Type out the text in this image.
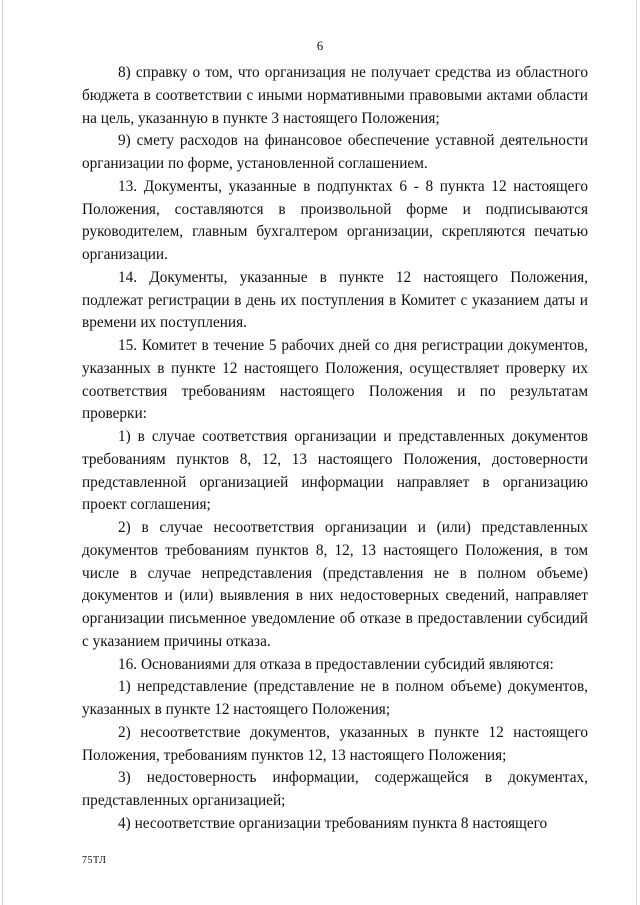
6

8) справку о том, что организация не получает средства из областного бюджета в соответствии с иными нормативными правовыми актами области на цель, указанную в пункте 3 настоящего Положения;

9) смету расходов на финансовое обеспечение уставной деятельности организации по форме, установленной соглашением.

13. Документы, указанные в подпунктах 6 - 8 пункта 12 настоящего Положения, составляются в произвольной форме и подписываются руководителем, главным бухгалтером организации, скрепляются печатью организации.

14. Документы, указанные в пункте 12 настоящего Положения, подлежат регистрации в день их поступления в Комитет с указанием даты и времени их поступления.

15. Комитет в течение 5 рабочих дней со дня регистрации документов, указанных в пункте 12 настоящего Положения, осуществляет проверку их соответствия требованиям настоящего Положения и по результатам проверки:

1) в случае соответствия организации и представленных документов требованиям пунктов 8, 12, 13 настоящего Положения, достоверности представленной организацией информации направляет в организацию проект соглашения;

2) в случае несоответствия организации и (или) представленных документов требованиям пунктов 8, 12, 13 настоящего Положения, в том числе в случае непредставления (представления не в полном объеме) документов и (или) выявления в них недостоверных сведений, направляет организации письменное уведомление об отказе в предоставлении субсидий с указанием причины отказа.

16. Основаниями для отказа в предоставлении субсидий являются:

1) непредставление (представление не в полном объеме) документов, указанных в пункте 12 настоящего Положения;

2) несоответствие документов, указанных в пункте 12 настоящего Положения, требованиям пунктов 12, 13 настоящего Положения;

3) недостоверность информации, содержащейся в документах, представленных организацией;

4) несоответствие организации требованиям пункта 8 настоящего

75ТЛ
